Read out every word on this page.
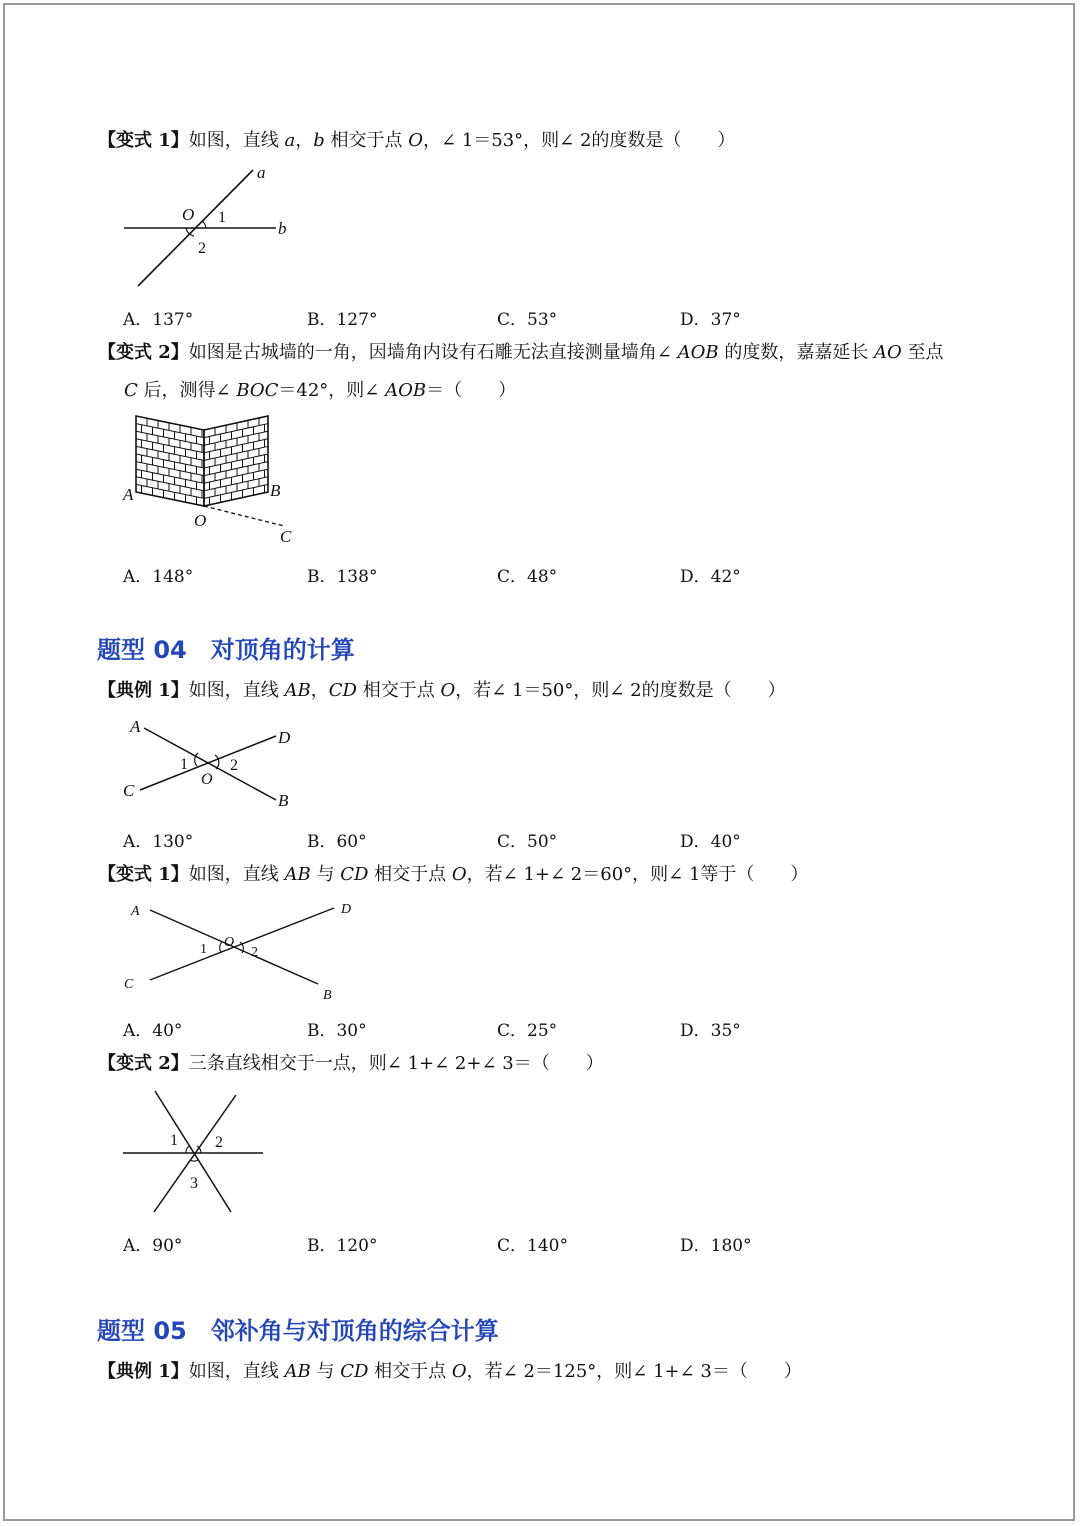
【变式 1】如图，直线 a，b 相交于点 O，∠ 1＝53°，则∠ 2的度数是（　　）
a
b
O 1
2
A．137°	B．127°	C．53°	D．37°
【变式 2】如图是古城墙的一角，因墙角内设有石雕无法直接测量墙角∠ AOB 的度数，嘉嘉延长 AO 至点
C 后，测得∠ BOC＝42°，则∠ AOB＝（　　）
A	B
O
C
A．148°	B．138°	C．48°	D．42°
题型 04 对顶角的计算
【典例 1】如图，直线 AB，CD 相交于点 O，若∠ 1＝50°，则∠ 2的度数是（　　）
A
B
C
D
O
1	2
A．130°	B．60°	C．50°	D．40°
【变式 1】如图，直线 AB 与 CD 相交于点 O，若∠ 1+∠ 2＝60°，则∠ 1等于（　　）
A
B
C
D
O
1	2
A．40°	B．30°	C．25°	D．35°
【变式 2】三条直线相交于一点，则∠ 1+∠ 2+∠ 3＝（　　）
1 2
3
A．90°	B．120°	C．140°	D．180°
题型 05 邻补角与对顶角的综合计算
【典例 1】如图，直线 AB 与 CD 相交于点 O，若∠ 2＝125°，则∠ 1+∠ 3＝（　　）
